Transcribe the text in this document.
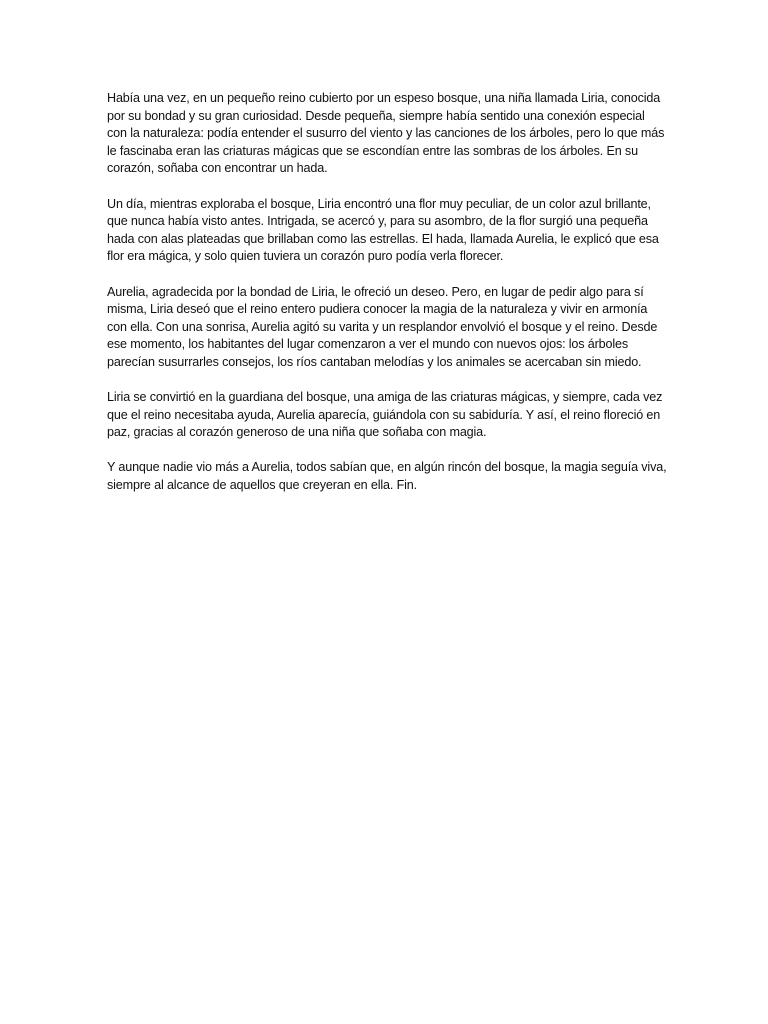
Había una vez, en un pequeño reino cubierto por un espeso bosque, una niña llamada Liria, conocida por su bondad y su gran curiosidad. Desde pequeña, siempre había sentido una conexión especial con la naturaleza: podía entender el susurro del viento y las canciones de los árboles, pero lo que más le fascinaba eran las criaturas mágicas que se escondían entre las sombras de los árboles. En su corazón, soñaba con encontrar un hada.

Un día, mientras exploraba el bosque, Liria encontró una flor muy peculiar, de un color azul brillante, que nunca había visto antes. Intrigada, se acercó y, para su asombro, de la flor surgió una pequeña hada con alas plateadas que brillaban como las estrellas. El hada, llamada Aurelia, le explicó que esa flor era mágica, y solo quien tuviera un corazón puro podía verla florecer.

Aurelia, agradecida por la bondad de Liria, le ofreció un deseo. Pero, en lugar de pedir algo para sí misma, Liria deseó que el reino entero pudiera conocer la magia de la naturaleza y vivir en armonía con ella. Con una sonrisa, Aurelia agitó su varita y un resplandor envolvió el bosque y el reino. Desde ese momento, los habitantes del lugar comenzaron a ver el mundo con nuevos ojos: los árboles parecían susurrarles consejos, los ríos cantaban melodías y los animales se acercaban sin miedo.

Liria se convirtió en la guardiana del bosque, una amiga de las criaturas mágicas, y siempre, cada vez que el reino necesitaba ayuda, Aurelia aparecía, guiándola con su sabiduría. Y así, el reino floreció en paz, gracias al corazón generoso de una niña que soñaba con magia.

Y aunque nadie vio más a Aurelia, todos sabían que, en algún rincón del bosque, la magia seguía viva, siempre al alcance de aquellos que creyeran en ella. Fin.
